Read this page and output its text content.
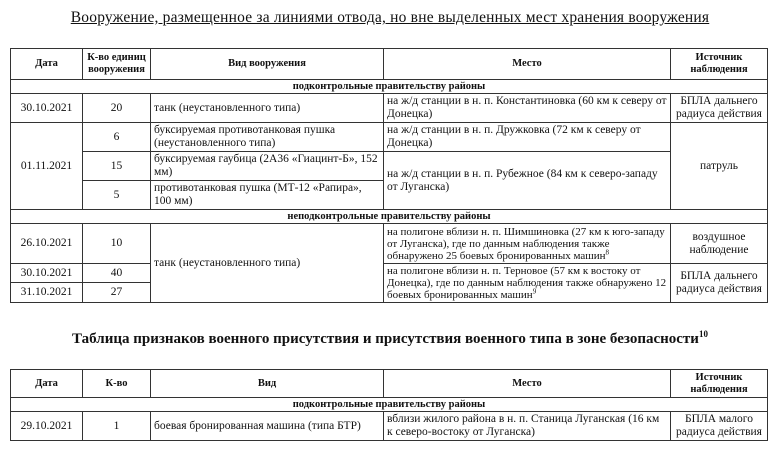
Вооружение, размещенное за линиями отвода, но вне выделенных мест хранения вооружения
Дата	К-во единиц вооружения	Вид вооружения	Место	Источник наблюдения
подконтрольные правительству районы				
30.10.2021	20	танк (неустановленного типа)	на ж/д станции в н. п. Константиновка (60 км к северу от Донецка)	БПЛА дальнего радиуса действия
01.11.2021	6	буксируемая противотанковая пушка (неустановленного типа)	на ж/д станции в н. п. Дружковка (72 км к северу от Донецка)	патруль
	15	буксируемая гаубица (2А36 «Гиацинт-Б», 152 мм)	на ж/д станции в н. п. Рубежное (84 км к северо-западу от Луганска)	
	5	противотанковая пушка (МТ-12 «Рапира», 100 мм)		
неподконтрольные правительству районы				
26.10.2021	10	танк (неустановленного типа)	на полигоне вблизи н. п. Шимшиновка (27 км к юго-западу от Луганска), где по данным наблюдения также обнаружено 25 боевых бронированных машин$^8$	воздушное наблюдение
30.10.2021	40		на полигоне вблизи н. п. Терновое (57 км к востоку от Донецка), где по данным наблюдения также обнаружено 12 боевых бронированных машин$^9$	БПЛА дальнего радиуса действия
31.10.2021	27			
Таблица признаков военного присутствия и присутствия военного типа в зоне безопасности$^{10}$
Дата	К-во	Вид	Место	Источник наблюдения
подконтрольные правительству районы				
29.10.2021	1	боевая бронированная машина (типа БТР)	вблизи жилого района в н. п. Станица Луганская (16 км к северо-востоку от Луганска)	БПЛА малого радиуса действия
